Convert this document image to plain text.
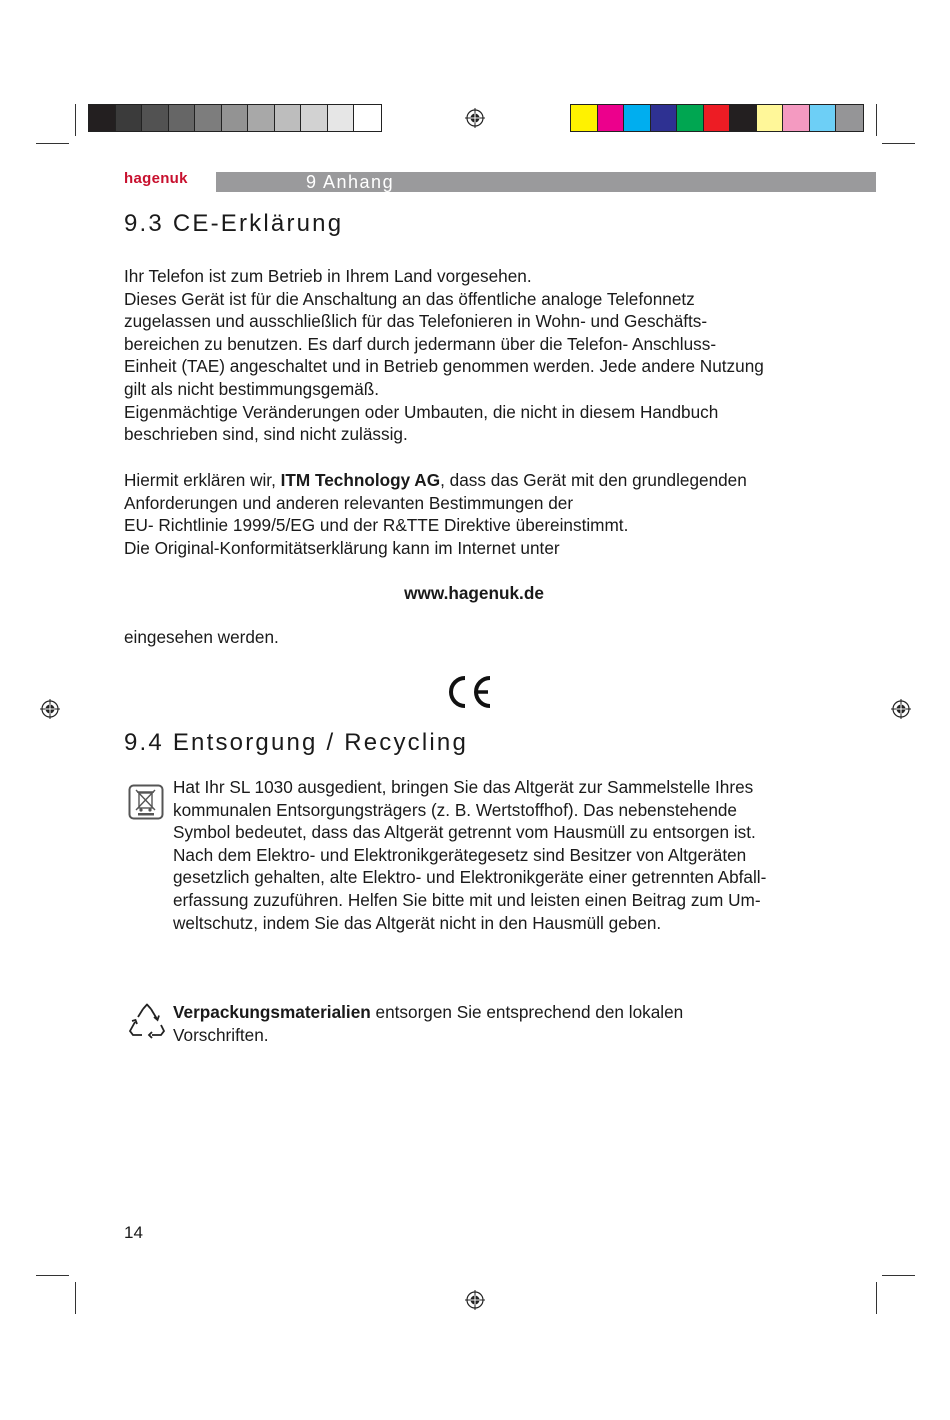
hagenuk	9 Anhang
9.3 CE-Erklärung

Ihr Telefon ist zum Betrieb in Ihrem Land vorgesehen.

Dieses Gerät ist für die Anschaltung an das öffentliche analoge Telefonnetz

zugelassen und ausschließlich für das Telefonieren in Wohn- und Geschäfts-

bereichen zu benutzen. Es darf durch jedermann über die Telefon- Anschluss-

Einheit (TAE) angeschaltet und in Betrieb genommen werden. Jede andere Nutzung

gilt als nicht bestimmungsgemäß.

Eigenmächtige Veränderungen oder Umbauten, die nicht in diesem Handbuch

beschrieben sind, sind nicht zulässig.

Hiermit erklären wir, ITM Technology AG, dass das Gerät mit den grundlegenden

Anforderungen und anderen relevanten Bestimmungen der

EU- Richtlinie 1999/5/EG und der R&TTE Direktive übereinstimmt.

Die Original-Konformitätserklärung kann im Internet unter

www.hagenuk.de
eingesehen werden.
9.4 Entsorgung / Recycling

Hat Ihr SL 1030 ausgedient, bringen Sie das Altgerät zur Sammelstelle Ihres

kommunalen Entsorgungsträgers (z. B. Wertstoffhof). Das nebenstehende

Symbol bedeutet, dass das Altgerät getrennt vom Hausmüll zu entsorgen ist.

Nach dem Elektro- und Elektronikgerätegesetz sind Besitzer von Altgeräten

gesetzlich gehalten, alte Elektro- und Elektronikgeräte einer getrennten Abfall-

erfassung zuzuführen. Helfen Sie bitte mit und leisten einen Beitrag zum Um-

weltschutz, indem Sie das Altgerät nicht in den Hausmüll geben.

Verpackungsmaterialien entsorgen Sie entsprechend den lokalen

Vorschriften.

14
